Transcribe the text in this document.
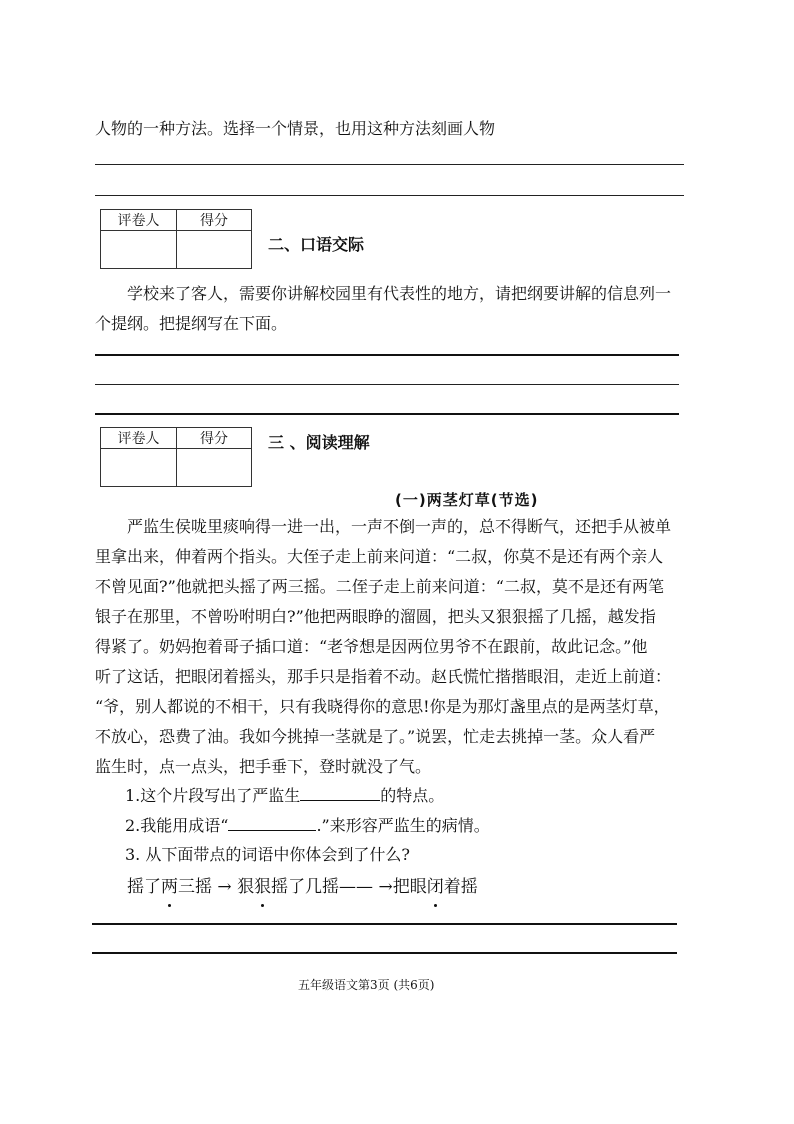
人物的一种方法。选择一个情景，也用这种方法刻画人物
评卷人	得分

二、口语交际
学校来了客人，需要你讲解校园里有代表性的地方，请把纲要讲解的信息列一
个提纲。把提纲写在下面。
评卷人	得分
		三 、阅读理解
(一)两茎灯草(节选)

严监生侯咙里痰响得一进一出，一声不倒一声的，总不得断气，还把手从被单

里拿出来，伸着两个指头。大侄子走上前来问道：“二叔，你莫不是还有两个亲人

不曾见面?”他就把头摇了两三摇。二侄子走上前来问道：“二叔，莫不是还有两笔

银子在那里，不曾吩咐明白?”他把两眼睁的溜圆，把头又狠狠摇了几摇，越发指

得紧了。奶妈抱着哥子插口道：“老爷想是因两位男爷不在跟前，故此记念。”他

听了这话，把眼闭着摇头，那手只是指着不动。赵氏慌忙揩揩眼泪，走近上前道：

“爷，别人都说的不相干，只有我晓得你的意思!你是为那灯盏里点的是两茎灯草，

不放心，恐费了油。我如今挑掉一茎就是了。”说罢，忙走去挑掉一茎。众人看严

监生时，点一点头，把手垂下，登时就没了气。

1.这个片段写出了严监生	的特点。
2.我能用成语“	.”来形容严监生的病情。
3. 从下面带点的词语中你体会到了什么?
摇了两三摇 → 狠狠摇了几摇—— →把眼闭着摇
五年级语文第3页 (共6页)
